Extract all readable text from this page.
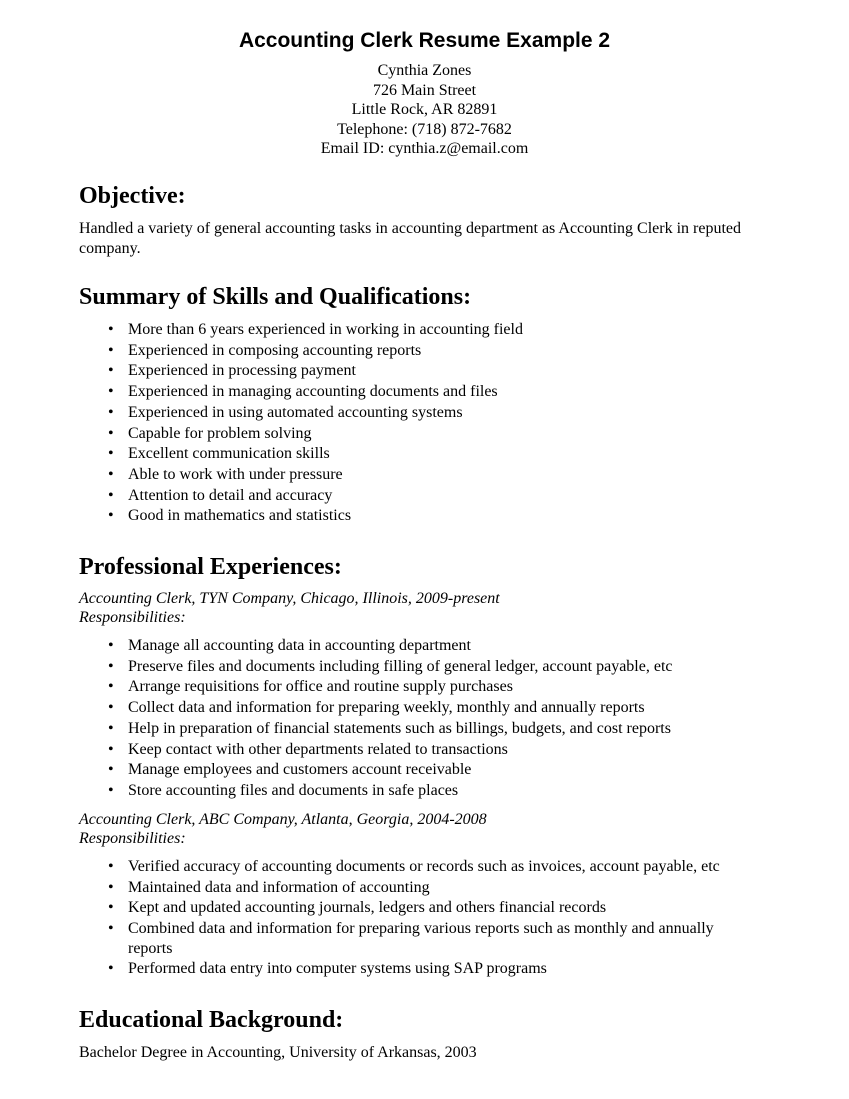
Accounting Clerk Resume Example 2
Cynthia Zones
726 Main Street
Little Rock, AR 82891
Telephone: (718) 872-7682
Email ID: cynthia.z@email.com
Objective:
Handled a variety of general accounting tasks in accounting department as Accounting Clerk in reputed company.
Summary of Skills and Qualifications:
• More than 6 years experienced in working in accounting field
• Experienced in composing accounting reports
• Experienced in processing payment
• Experienced in managing accounting documents and files
• Experienced in using automated accounting systems
• Capable for problem solving
• Excellent communication skills
• Able to work with under pressure
• Attention to detail and accuracy
• Good in mathematics and statistics
Professional Experiences:
Accounting Clerk, TYN Company, Chicago, Illinois, 2009-present
Responsibilities:
• Manage all accounting data in accounting department
• Preserve files and documents including filling of general ledger, account payable, etc
• Arrange requisitions for office and routine supply purchases
• Collect data and information for preparing weekly, monthly and annually reports
• Help in preparation of financial statements such as billings, budgets, and cost reports
• Keep contact with other departments related to transactions
• Manage employees and customers account receivable
• Store accounting files and documents in safe places
Accounting Clerk, ABC Company, Atlanta, Georgia, 2004-2008
Responsibilities:
• Verified accuracy of accounting documents or records such as invoices, account payable, etc
• Maintained data and information of accounting
• Kept and updated accounting journals, ledgers and others financial records
• Combined data and information for preparing various reports such as monthly and annually reports
• Performed data entry into computer systems using SAP programs
Educational Background:
Bachelor Degree in Accounting, University of Arkansas, 2003
